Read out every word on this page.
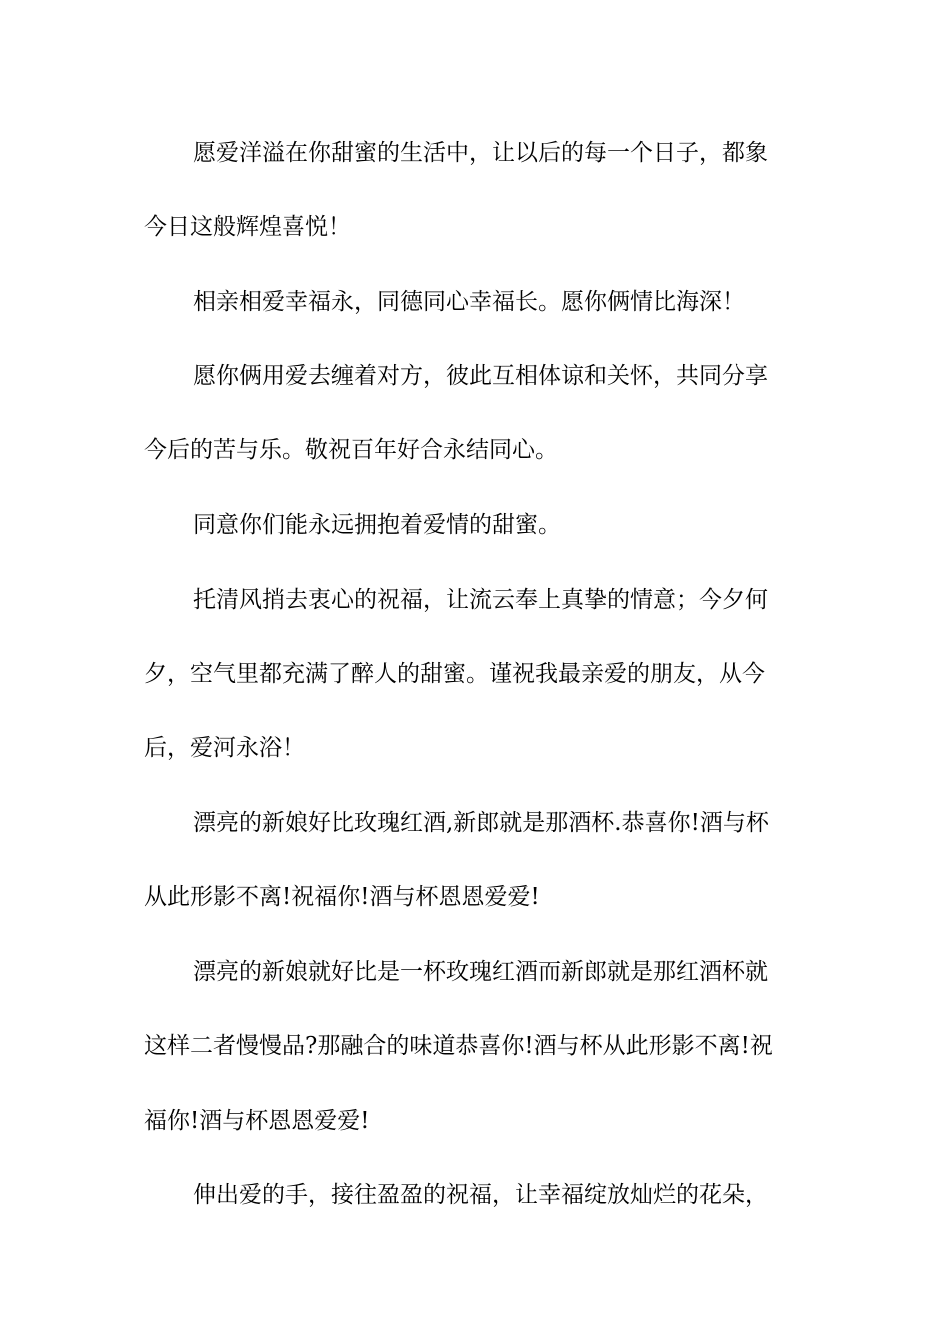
愿爱洋溢在你甜蜜的生活中，让以后的每一个日子，都象
今日这般辉煌喜悦！
相亲相爱幸福永，同德同心幸福长。愿你俩情比海深！
愿你俩用爱去缠着对方，彼此互相体谅和关怀，共同分享
今后的苦与乐。敬祝百年好合永结同心。
同意你们能永远拥抱着爱情的甜蜜。
托清风捎去衷心的祝福，让流云奉上真挚的情意；今夕何
夕，空气里都充满了醉人的甜蜜。谨祝我最亲爱的朋友，从今
后，爱河永浴！
漂亮的新娘好比玫瑰红酒,新郎就是那酒杯.恭喜你!酒与杯
从此形影不离!祝福你!酒与杯恩恩爱爱!
漂亮的新娘就好比是一杯玫瑰红酒而新郎就是那红酒杯就
这样二者慢慢品?那融合的味道恭喜你!酒与杯从此形影不离!祝
福你!酒与杯恩恩爱爱!
伸出爱的手，接往盈盈的祝福，让幸福绽放灿烂的花朵，
